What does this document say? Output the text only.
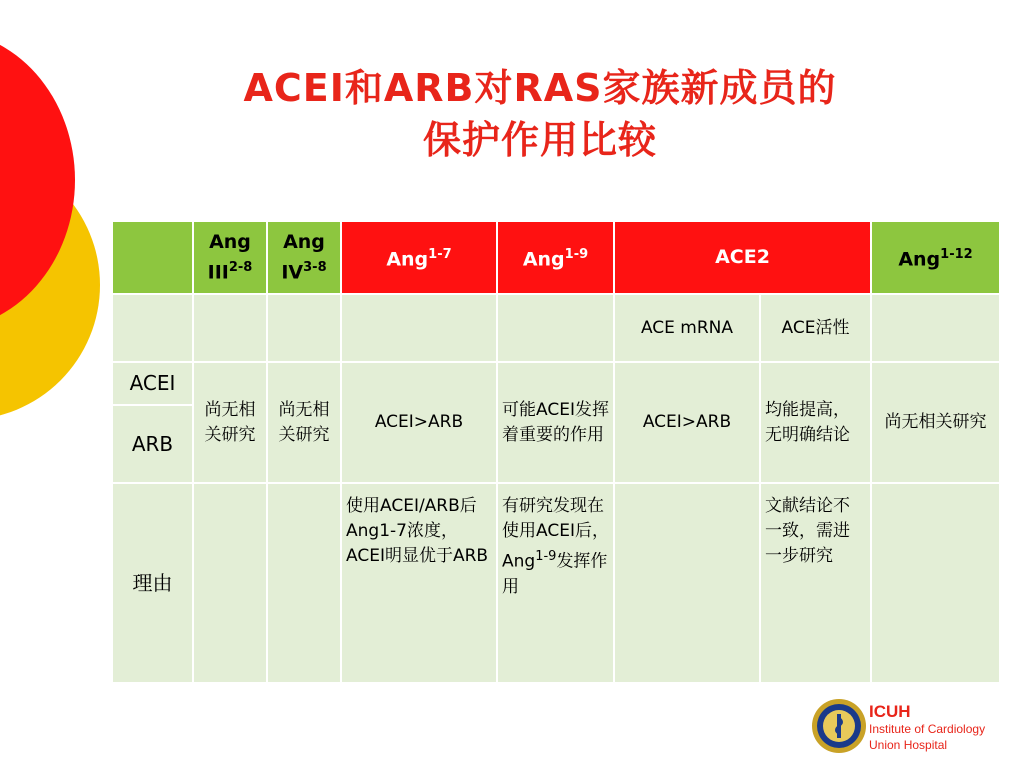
ACEI和ARB对RAS家族新成员的
保护作用比较
	Ang III$^{2-8}$	Ang IV$^{3-8}$	Ang$^{1-7}$	Ang$^{1-9}$	ACE2		Ang$^{1-12}$
					ACE mRNA	ACE活性	
ACEI	尚无相关研究	尚无相关研究	ACEI>ARB	可能ACEI发挥着重要的作用	ACEI>ARB	均能提高，无明确结论	尚无相关研究
ARB							
理由			使用ACEI/ARB后Ang1-7浓度，ACEI明显优于ARB	有研究发现在使用ACEI后，Ang$^{1-9}$发挥作用		文献结论不一致，需进一步研究	
ICUH
Institute of Cardiology
Union Hospital
